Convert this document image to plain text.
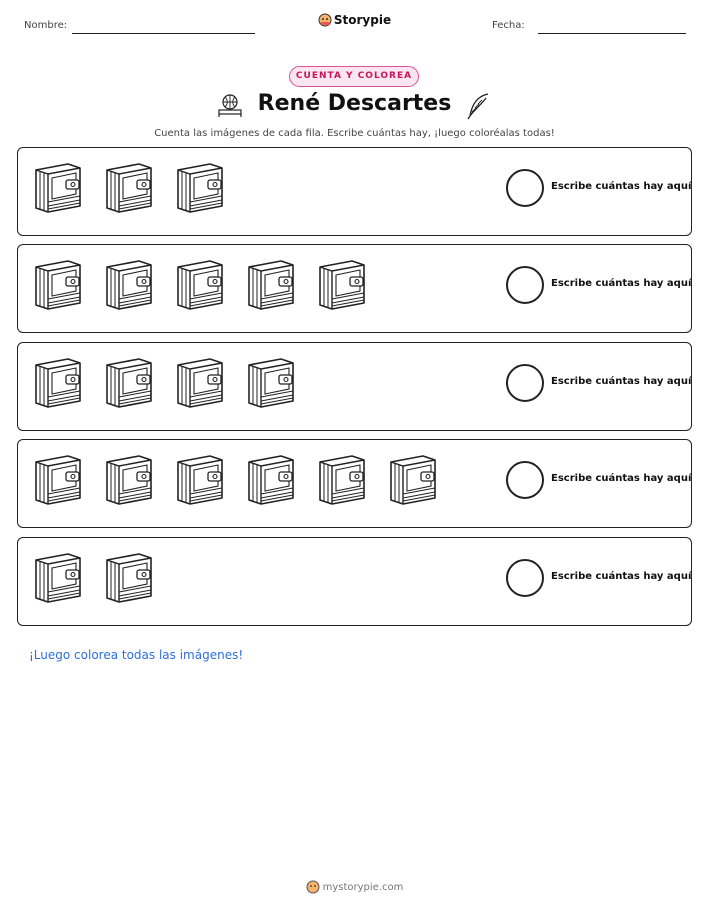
Nombre:	Storypie	Fecha:
CUENTA Y COLOREA
René Descartes
Cuenta las imágenes de cada fila. Escribe cuántas hay, ¡luego coloréalas todas!
Escribe cuántas hay aquí
Escribe cuántas hay aquí
Escribe cuántas hay aquí
Escribe cuántas hay aquí
Escribe cuántas hay aquí
¡Luego colorea todas las imágenes!
mystorypie.com
